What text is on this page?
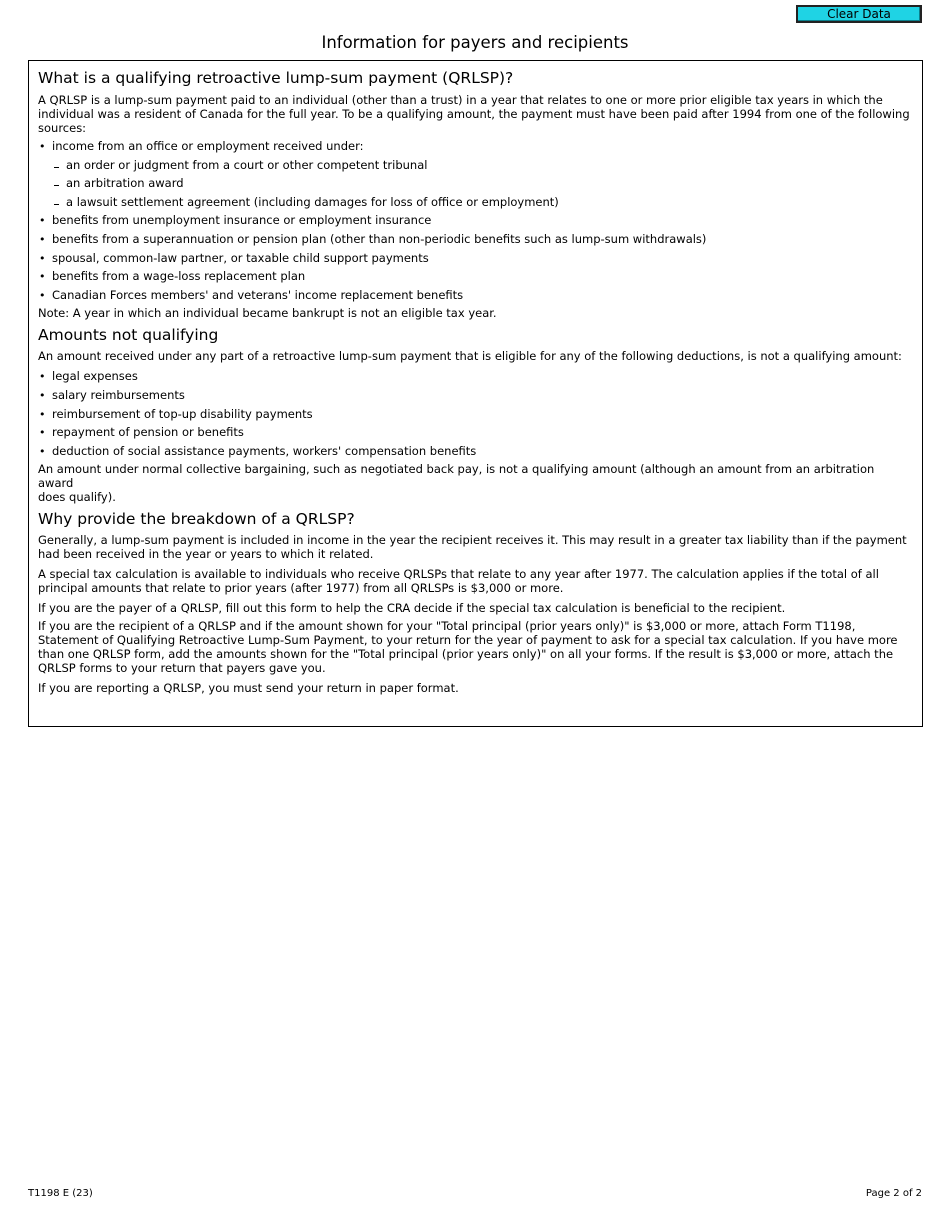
Clear Data
Information for payers and recipients
What is a qualifying retroactive lump-sum payment (QRLSP)?

A QRLSP is a lump-sum payment paid to an individual (other than a trust) in a year that relates to one or more prior eligible tax years in which the individual was a resident of Canada for the full year. To be a qualifying amount, the payment must have been paid after 1994 from one of the following sources:

• income from an office or employment received under:
an order or judgment from a court or other competent tribunal
an arbitration award
a lawsuit settlement agreement (including damages for loss of office or employment)
• benefits from unemployment insurance or employment insurance
• benefits from a superannuation or pension plan (other than non-periodic benefits such as lump-sum withdrawals)
• spousal, common-law partner, or taxable child support payments
• benefits from a wage-loss replacement plan
• Canadian Forces members' and veterans' income replacement benefits

Note: A year in which an individual became bankrupt is not an eligible tax year.

Amounts not qualifying

An amount received under any part of a retroactive lump-sum payment that is eligible for any of the following deductions, is not a qualifying amount:

• legal expenses
• salary reimbursements
• reimbursement of top-up disability payments
• repayment of pension or benefits
• deduction of social assistance payments, workers' compensation benefits

An amount under normal collective bargaining, such as negotiated back pay, is not a qualifying amount (although an amount from an arbitration award
does qualify).

Why provide the breakdown of a QRLSP?

Generally, a lump-sum payment is included in income in the year the recipient receives it. This may result in a greater tax liability than if the payment had been received in the year or years to which it related.

A special tax calculation is available to individuals who receive QRLSPs that relate to any year after 1977. The calculation applies if the total of all principal amounts that relate to prior years (after 1977) from all QRLSPs is $3,000 or more.

If you are the payer of a QRLSP, fill out this form to help the CRA decide if the special tax calculation is beneficial to the recipient.

If you are the recipient of a QRLSP and if the amount shown for your "Total principal (prior years only)" is $3,000 or more, attach Form T1198, Statement of Qualifying Retroactive Lump-Sum Payment, to your return for the year of payment to ask for a special tax calculation. If you have more than one QRLSP form, add the amounts shown for the "Total principal (prior years only)" on all your forms. If the result is $3,000 or more, attach the QRLSP forms to your return that payers gave you.

If you are reporting a QRLSP, you must send your return in paper format.

T1198 E (23)	Page 2 of 2
